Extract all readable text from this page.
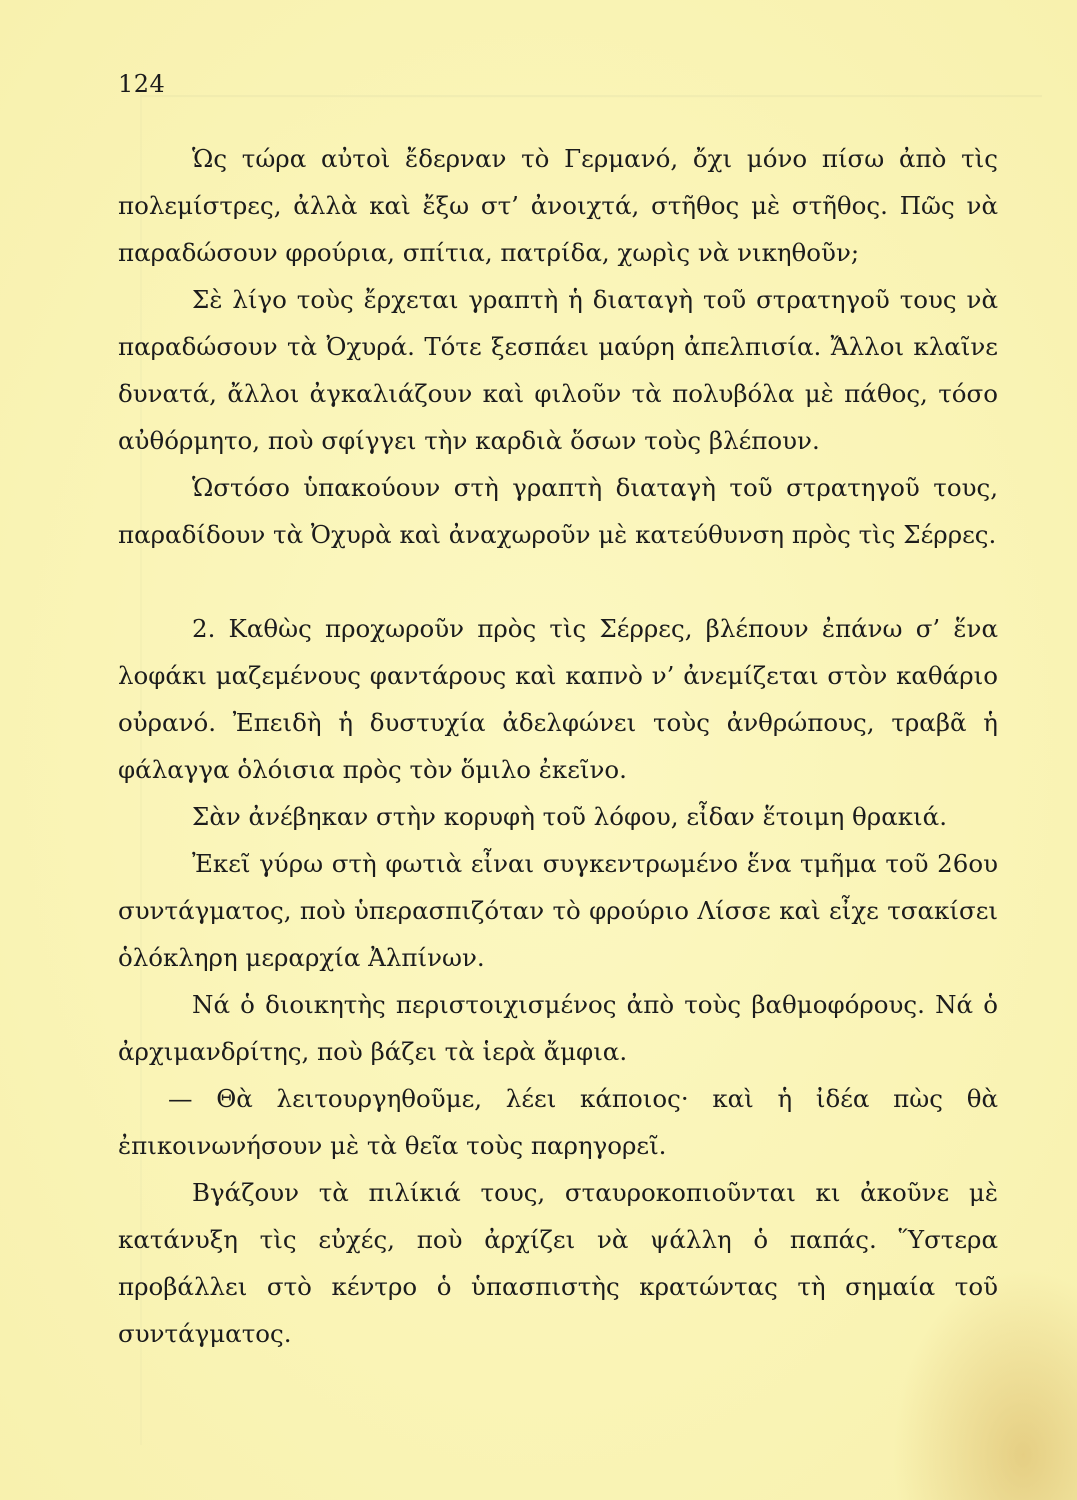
124

Ὡς τώρα αὐτοὶ ἔδερναν τὸ Γερμανό, ὄχι μόνο πίσω ἀπὸ τὶς πολεμίστρες, ἀλλὰ καὶ ἔξω στ’ ἀνοιχτά, στῆθος μὲ στῆθος. Πῶς νὰ παραδώσουν φρούρια, σπίτια, πατρίδα, χωρὶς νὰ νικηθοῦν;

Σὲ λίγο τοὺς ἔρχεται γραπτὴ ἡ διαταγὴ τοῦ στρατηγοῦ τους νὰ παραδώσουν τὰ Ὀχυρά. Τότε ξεσπάει μαύρη ἀπελπισία. Ἄλλοι κλαῖνε δυνατά, ἄλλοι ἀγκαλιάζουν καὶ φιλοῦν τὰ πολυβόλα μὲ πάθος, τόσο αὐθόρμητο, ποὺ σφίγγει τὴν καρδιὰ ὅσων τοὺς βλέπουν.

Ὡστόσο ὑπακούουν στὴ γραπτὴ διαταγὴ τοῦ στρατηγοῦ τους, παραδίδουν τὰ Ὀχυρὰ καὶ ἀναχωροῦν μὲ κατεύθυνση πρὸς τὶς Σέρρες.

2. Καθὼς προχωροῦν πρὸς τὶς Σέρρες, βλέπουν ἐπάνω σ’ ἕνα λοφάκι μαζεμένους φαντάρους καὶ καπνὸ ν’ ἀνεμίζεται στὸν καθάριο οὐρανό. Ἐπειδὴ ἡ δυστυχία ἀδελφώνει τοὺς ἀνθρώπους, τραβᾶ ἡ φάλαγγα ὁλόισια πρὸς τὸν ὅμιλο ἐκεῖνο.

Σὰν ἀνέβηκαν στὴν κορυφὴ τοῦ λόφου, εἶδαν ἕτοιμη θρακιά.

Ἐκεῖ γύρω στὴ φωτιὰ εἶναι συγκεντρωμένο ἕνα τμῆμα τοῦ 26ου συντάγματος, ποὺ ὑπερασπιζόταν τὸ φρούριο Λίσσε καὶ εἶχε τσακίσει ὁλόκληρη μεραρχία Ἀλπίνων.

Νά ὁ διοικητὴς περιστοιχισμένος ἀπὸ τοὺς βαθμοφόρους. Νά ὁ ἀρχιμανδρίτης, ποὺ βάζει τὰ ἱερὰ ἄμφια.

— Θὰ λειτουργηθοῦμε, λέει κάποιος· καὶ ἡ ἰδέα πὼς θὰ ἐπικοινωνήσουν μὲ τὰ θεῖα τοὺς παρηγορεῖ.

Βγάζουν τὰ πιλίκιά τους, σταυροκοπιοῦνται κι ἀκοῦνε μὲ κατάνυξη τὶς εὐχές, ποὺ ἀρχίζει νὰ ψάλλη ὁ παπάς. Ὕστερα προβάλλει στὸ κέντρο ὁ ὑπασπιστὴς κρατώντας τὴ σημαία τοῦ συντάγματος.
